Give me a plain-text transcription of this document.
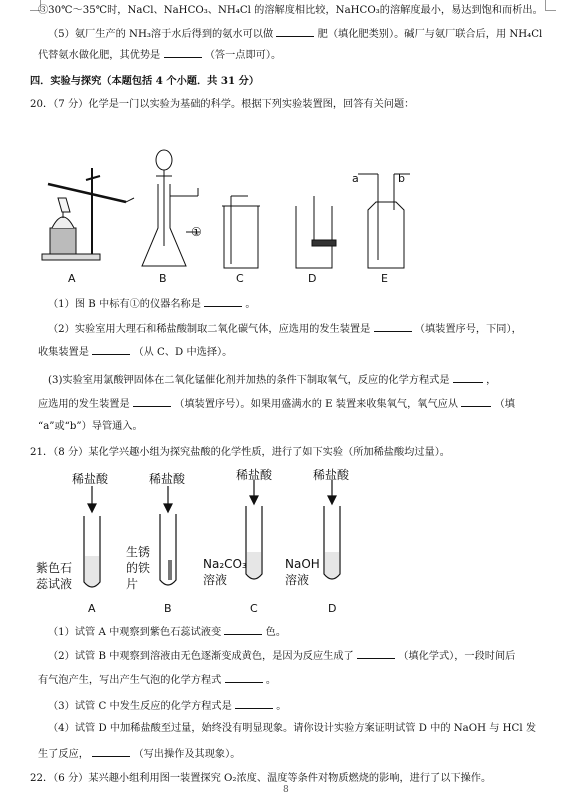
③30℃～35℃时，NaCl、NaHCO₃、NH₄Cl 的溶解度相比较，NaHCO₃的溶解度最小，易达到饱和而析出。
（5）氨厂生产的 NH₃溶于水后得到的氨水可以做	肥（填化肥类别）。碱厂与氨厂联合后，用 NH₄Cl
代替氨水做化肥，其优势是	（答一点即可）。
四．实验与探究（本题包括 4 个小题．共 31 分）
20．（7 分）化学是一门以实验为基础的科学。根据下列实验装置图，回答有关问题：
①
a	b
A	B	C	D	E
（1）图 B 中标有①的仪器名称是	。
（2）实验室用大理石和稀盐酸制取二氧化碳气体，应选用的发生装置是	（填装置序号，下同），
收集装置是	（从 C、D 中选择）。
(3)实验室用氯酸钾固体在二氧化锰催化剂并加热的条件下制取氧气，反应的化学方程式是	，
应选用的发生装置是	（填装置序号）。如果用盛满水的 E 装置来收集氧气，氧气应从	（填
“a”或“b”）导管通入。
21．（8 分）某化学兴趣小组为探究盐酸的化学性质，进行了如下实验（所加稀盐酸均过量）。
稀盐酸	稀盐酸	稀盐酸	稀盐酸
紫色石
蕊试液
生锈
的铁
片
Na₂CO₃
溶液
NaOH
溶液
A	B	C	D
（1）试管 A 中观察到紫色石蕊试液变	色。
（2）试管 B 中观察到溶液由无色逐渐变成黄色，是因为反应生成了	（填化学式），一段时间后
有气泡产生，写出产生气泡的化学方程式	。
（3）试管 C 中发生反应的化学方程式是	。
（4）试管 D 中加稀盐酸至过量，始终没有明显现象。请你设计实验方案证明试管 D 中的 NaOH 与 HCl 发
生了反应，	（写出操作及其现象）。
22．（6 分）某兴趣小组利用图一装置探究 O₂浓度、温度等条件对物质燃烧的影响，进行了以下操作。
8
